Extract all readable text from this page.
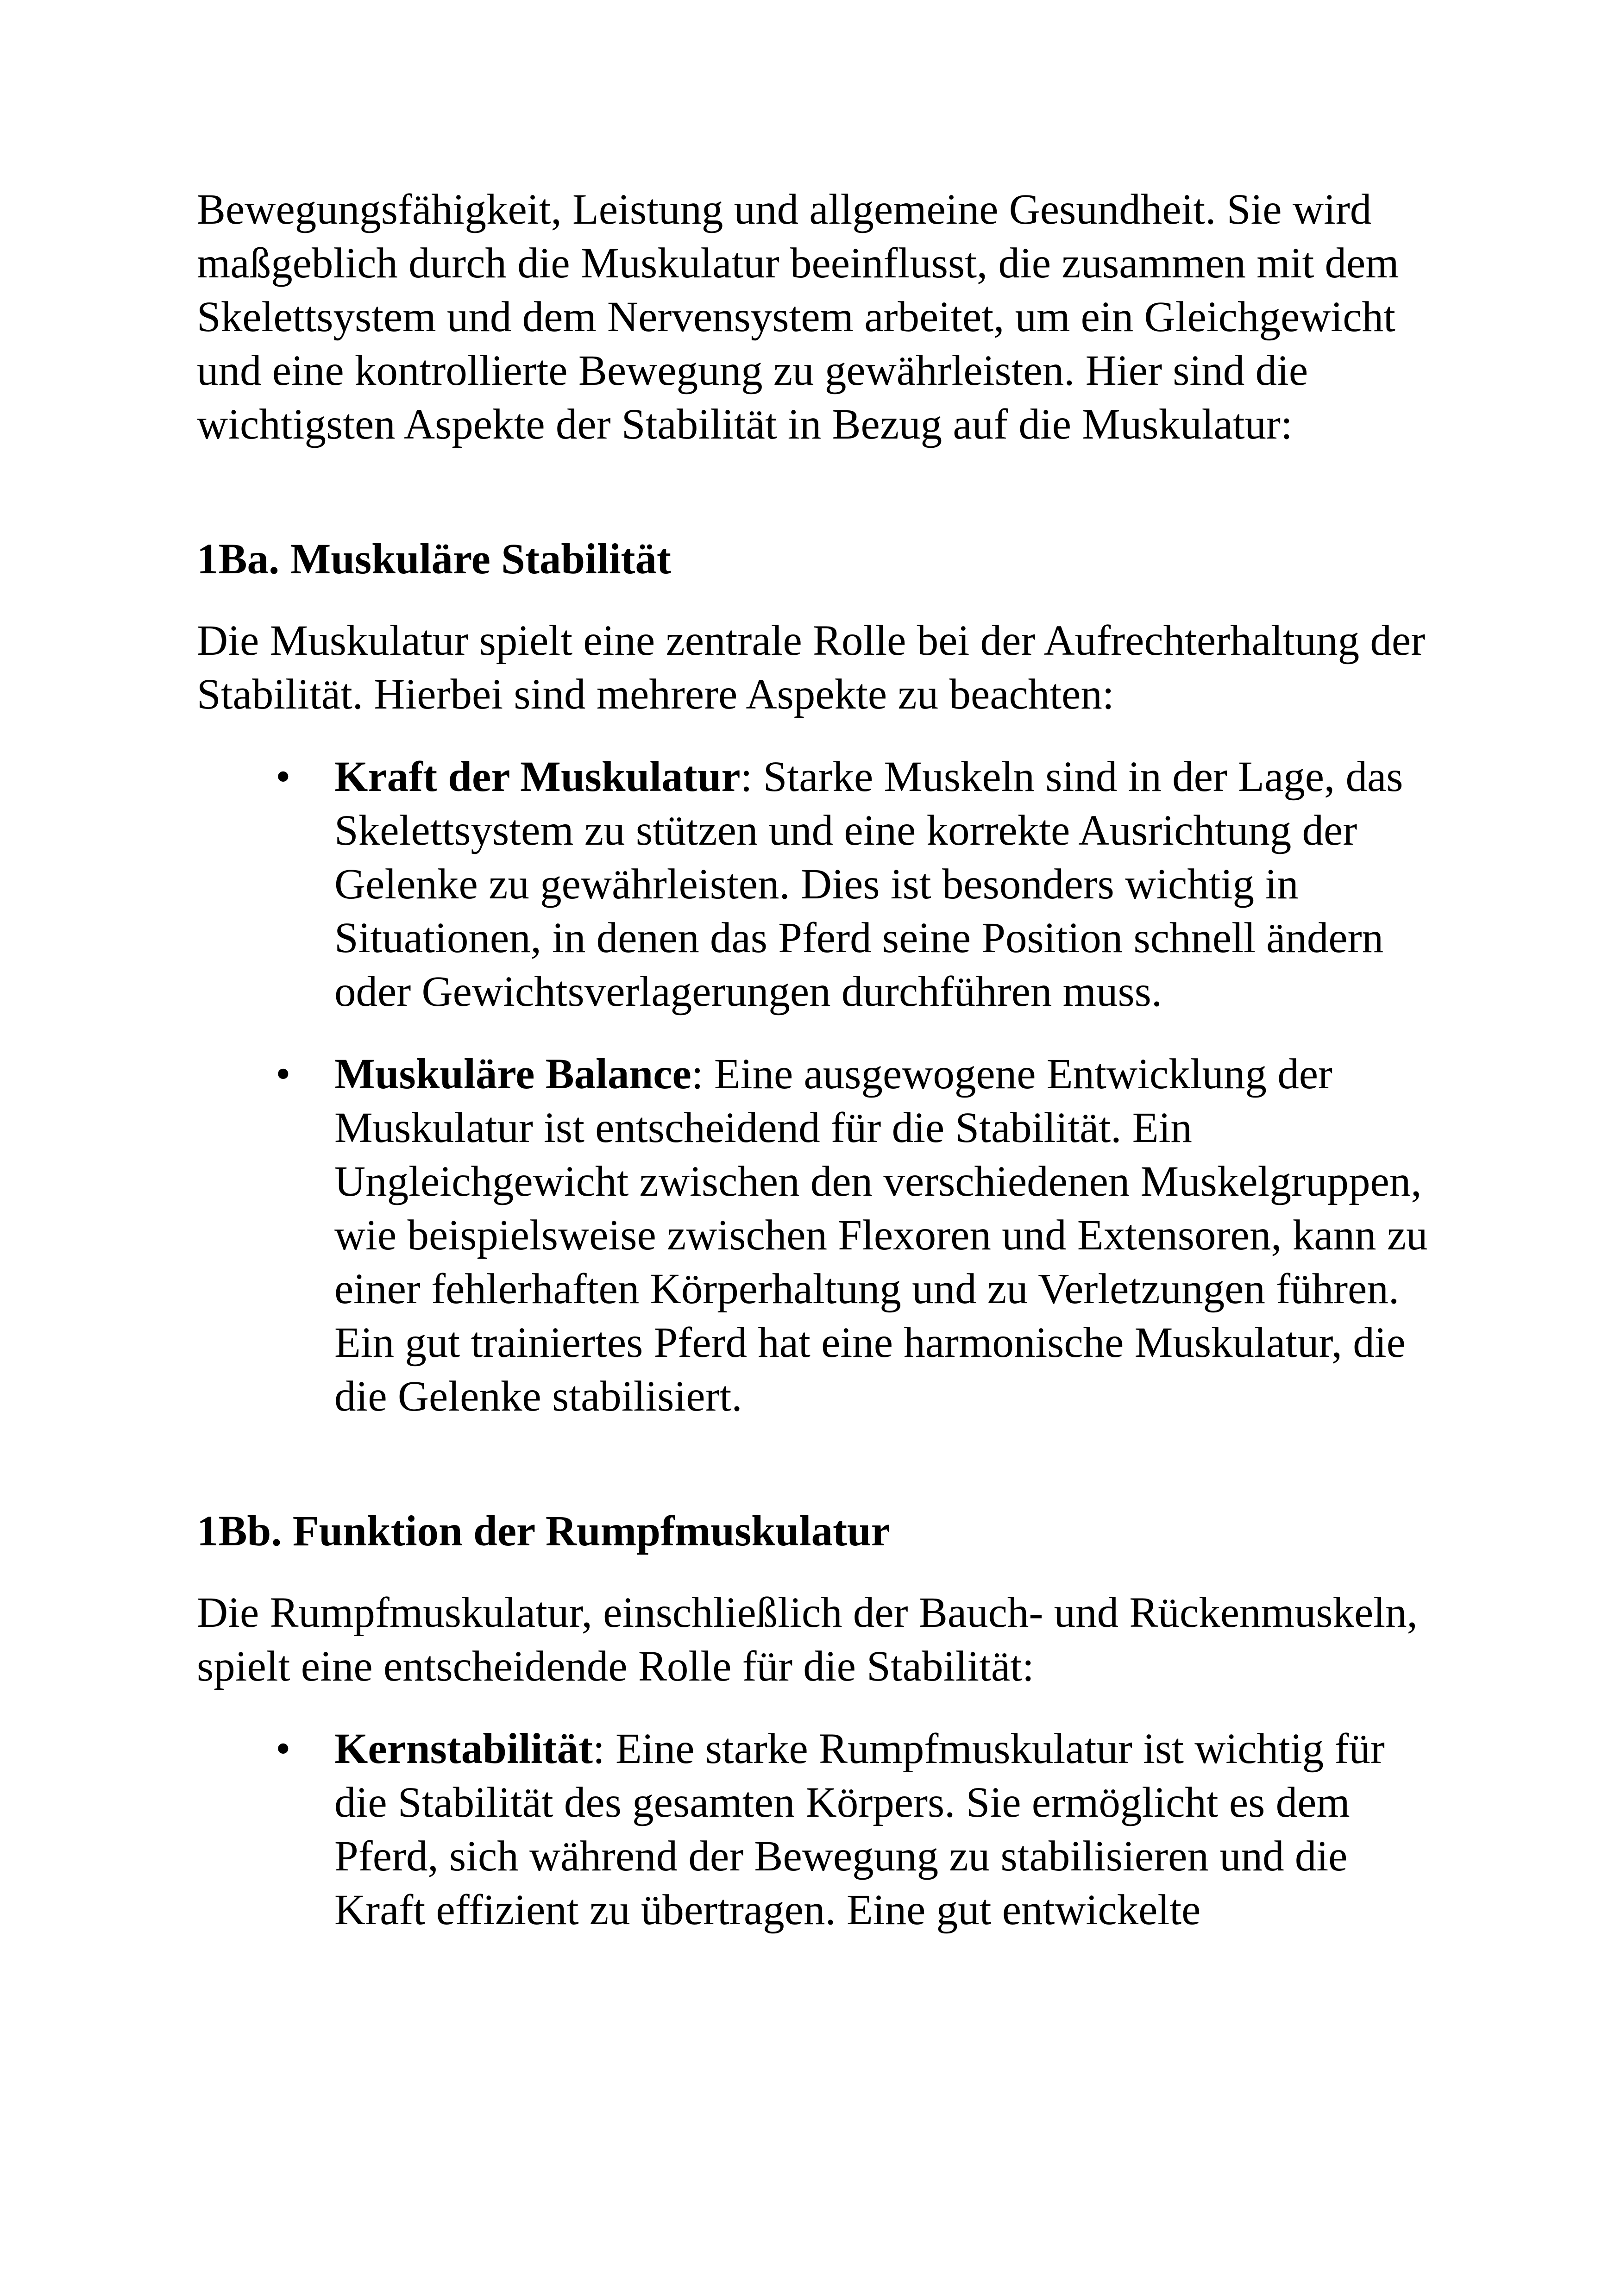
Bewegungsfähigkeit, Leistung und allgemeine Gesundheit. Sie wird maßgeblich durch die Muskulatur beeinflusst, die zusammen mit dem Skelettsystem und dem Nervensystem arbeitet, um ein Gleichgewicht und eine kontrollierte Bewegung zu gewährleisten. Hier sind die wichtigsten Aspekte der Stabilität in Bezug auf die Muskulatur:

1Ba. Muskuläre Stabilität

Die Muskulatur spielt eine zentrale Rolle bei der Aufrechterhaltung der Stabilität. Hierbei sind mehrere Aspekte zu beachten:

• Kraft der Muskulatur: Starke Muskeln sind in der Lage, das Skelettsystem zu stützen und eine korrekte Ausrichtung der Gelenke zu gewährleisten. Dies ist besonders wichtig in Situationen, in denen das Pferd seine Position schnell ändern oder Gewichtsverlagerungen durchführen muss.
• Muskuläre Balance: Eine ausgewogene Entwicklung der Muskulatur ist entscheidend für die Stabilität. Ein Ungleichgewicht zwischen den verschiedenen Muskelgruppen, wie beispielsweise zwischen Flexoren und Extensoren, kann zu einer fehlerhaften Körperhaltung und zu Verletzungen führen. Ein gut trainiertes Pferd hat eine harmonische Muskulatur, die die Gelenke stabilisiert.
1Bb. Funktion der Rumpfmuskulatur

Die Rumpfmuskulatur, einschließlich der Bauch- und Rückenmuskeln, spielt eine entscheidende Rolle für die Stabilität:

• Kernstabilität: Eine starke Rumpfmuskulatur ist wichtig für die Stabilität des gesamten Körpers. Sie ermöglicht es dem Pferd, sich während der Bewegung zu stabilisieren und die Kraft effizient zu übertragen. Eine gut entwickelte
